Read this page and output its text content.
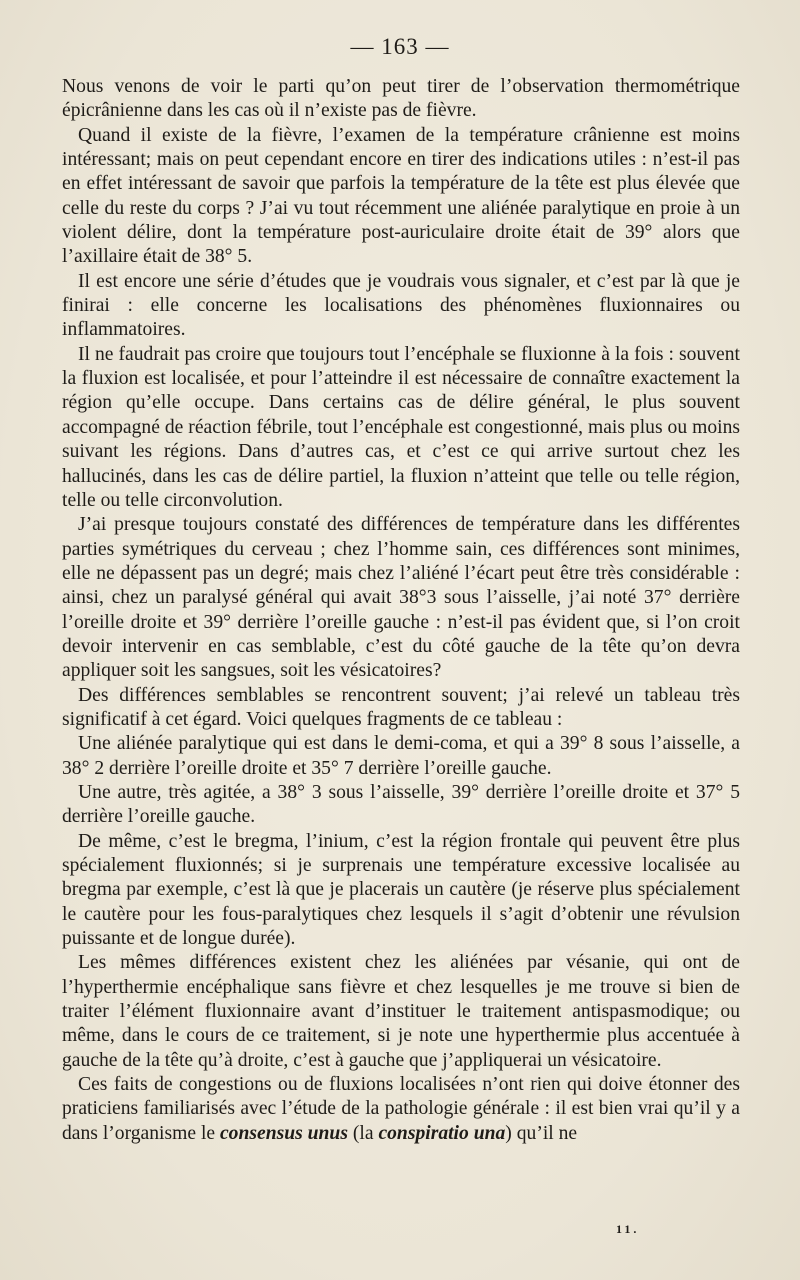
— 163 —

Nous venons de voir le parti qu’on peut tirer de l’observation thermométrique épicrânienne dans les cas où il n’existe pas de fièvre.

Quand il existe de la fièvre, l’examen de la température crânienne est moins intéressant; mais on peut cependant encore en tirer des indications utiles : n’est-il pas en effet intéressant de savoir que parfois la température de la tête est plus élevée que celle du reste du corps ? J’ai vu tout récemment une aliénée paralytique en proie à un violent délire, dont la température post-auriculaire droite était de 39° alors que l’axillaire était de 38° 5.

Il est encore une série d’études que je voudrais vous signaler, et c’est par là que je finirai : elle concerne les localisations des phénomènes fluxionnaires ou inflammatoires.

Il ne faudrait pas croire que toujours tout l’encéphale se fluxionne à la fois : souvent la fluxion est localisée, et pour l’atteindre il est nécessaire de connaître exactement la région qu’elle occupe. Dans certains cas de délire général, le plus souvent accompagné de réaction fébrile, tout l’encéphale est congestionné, mais plus ou moins suivant les régions. Dans d’autres cas, et c’est ce qui arrive surtout chez les hallucinés, dans les cas de délire partiel, la fluxion n’atteint que telle ou telle région, telle ou telle circonvolution.

J’ai presque toujours constaté des différences de température dans les différentes parties symétriques du cerveau ; chez l’homme sain, ces différences sont minimes, elle ne dépassent pas un degré; mais chez l’aliéné l’écart peut être très considérable : ainsi, chez un paralysé général qui avait 38°3 sous l’aisselle, j’ai noté 37° derrière l’oreille droite et 39° derrière l’oreille gauche : n’est-il pas évident que, si l’on croit devoir intervenir en cas semblable, c’est du côté gauche de la tête qu’on devra appliquer soit les sangsues, soit les vésicatoires?

Des différences semblables se rencontrent souvent; j’ai relevé un tableau très significatif à cet égard. Voici quelques fragments de ce tableau :

Une aliénée paralytique qui est dans le demi-coma, et qui a 39° 8 sous l’aisselle, a 38° 2 derrière l’oreille droite et 35° 7 derrière l’oreille gauche.

Une autre, très agitée, a 38° 3 sous l’aisselle, 39° derrière l’oreille droite et 37° 5 derrière l’oreille gauche.

De même, c’est le bregma, l’inium, c’est la région frontale qui peuvent être plus spécialement fluxionnés; si je surprenais une température excessive localisée au bregma par exemple, c’est là que je placerais un cautère (je réserve plus spécialement le cautère pour les fous-paralytiques chez lesquels il s’agit d’obtenir une révulsion puissante et de longue durée).

Les mêmes différences existent chez les aliénées par vésanie, qui ont de l’hyperthermie encéphalique sans fièvre et chez lesquelles je me trouve si bien de traiter l’élément fluxionnaire avant d’instituer le traitement antispasmodique; ou même, dans le cours de ce traitement, si je note une hyperthermie plus accentuée à gauche de la tête qu’à droite, c’est à gauche que j’appliquerai un vésicatoire.

Ces faits de congestions ou de fluxions localisées n’ont rien qui doive étonner des praticiens familiarisés avec l’étude de la pathologie générale : il est bien vrai qu’il y a dans l’organisme le consensus unus (la conspiratio una) qu’il ne

11.
